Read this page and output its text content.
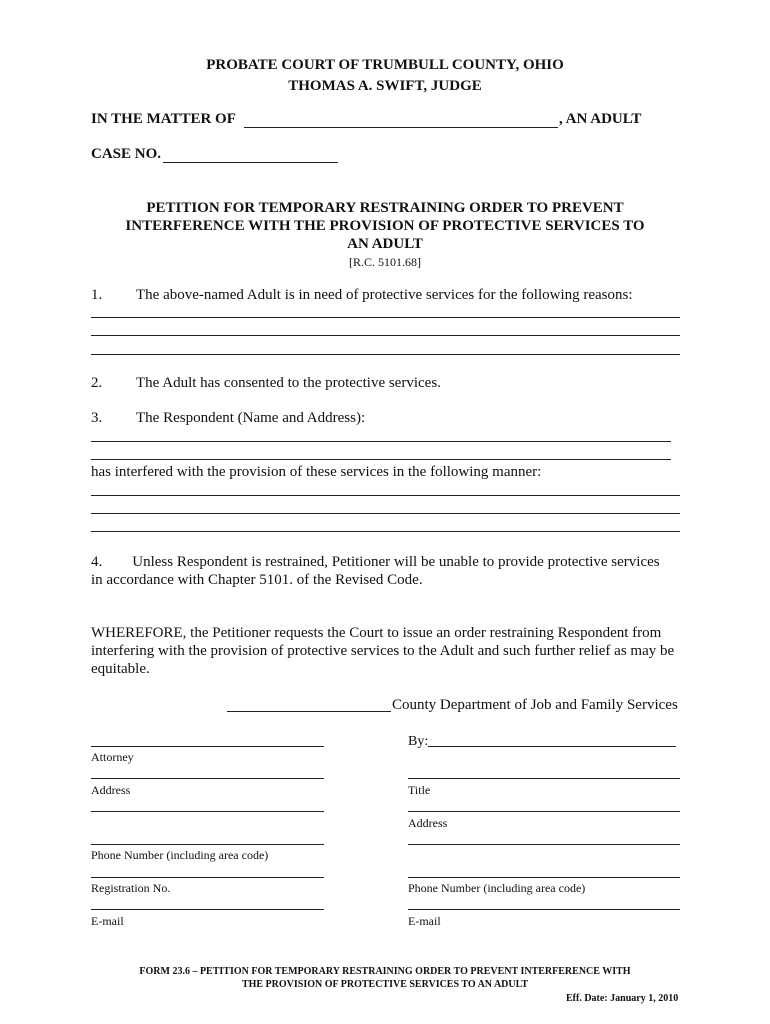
PROBATE COURT OF TRUMBULL COUNTY, OHIO
THOMAS A. SWIFT, JUDGE
IN THE MATTER OF	, AN ADULT
CASE NO.
PETITION FOR TEMPORARY RESTRAINING ORDER TO PREVENT
INTERFERENCE WITH THE PROVISION OF PROTECTIVE SERVICES TO
AN ADULT
[R.C. 5101.68]
1. The above-named Adult is in need of protective services for the following reasons:
2. The Adult has consented to the protective services.
3. The Respondent (Name and Address):
has interfered with the provision of these services in the following manner:
4.        Unless Respondent is restrained, Petitioner will be unable to provide protective services
in accordance with Chapter 5101. of the Revised Code.
WHEREFORE, the Petitioner requests the Court to issue an order restraining Respondent from
interfering with the provision of protective services to the Adult and such further relief as may be
equitable.
County Department of Job and Family Services
By:
Attorney
Address
Phone Number (including area code)
Registration No.
E-mail
Title
Address
Phone Number (including area code)
E-mail
FORM 23.6 – PETITION FOR TEMPORARY RESTRAINING ORDER TO PREVENT INTERFERENCE WITH
THE PROVISION OF PROTECTIVE SERVICES TO AN ADULT
Eff. Date: January 1, 2010
